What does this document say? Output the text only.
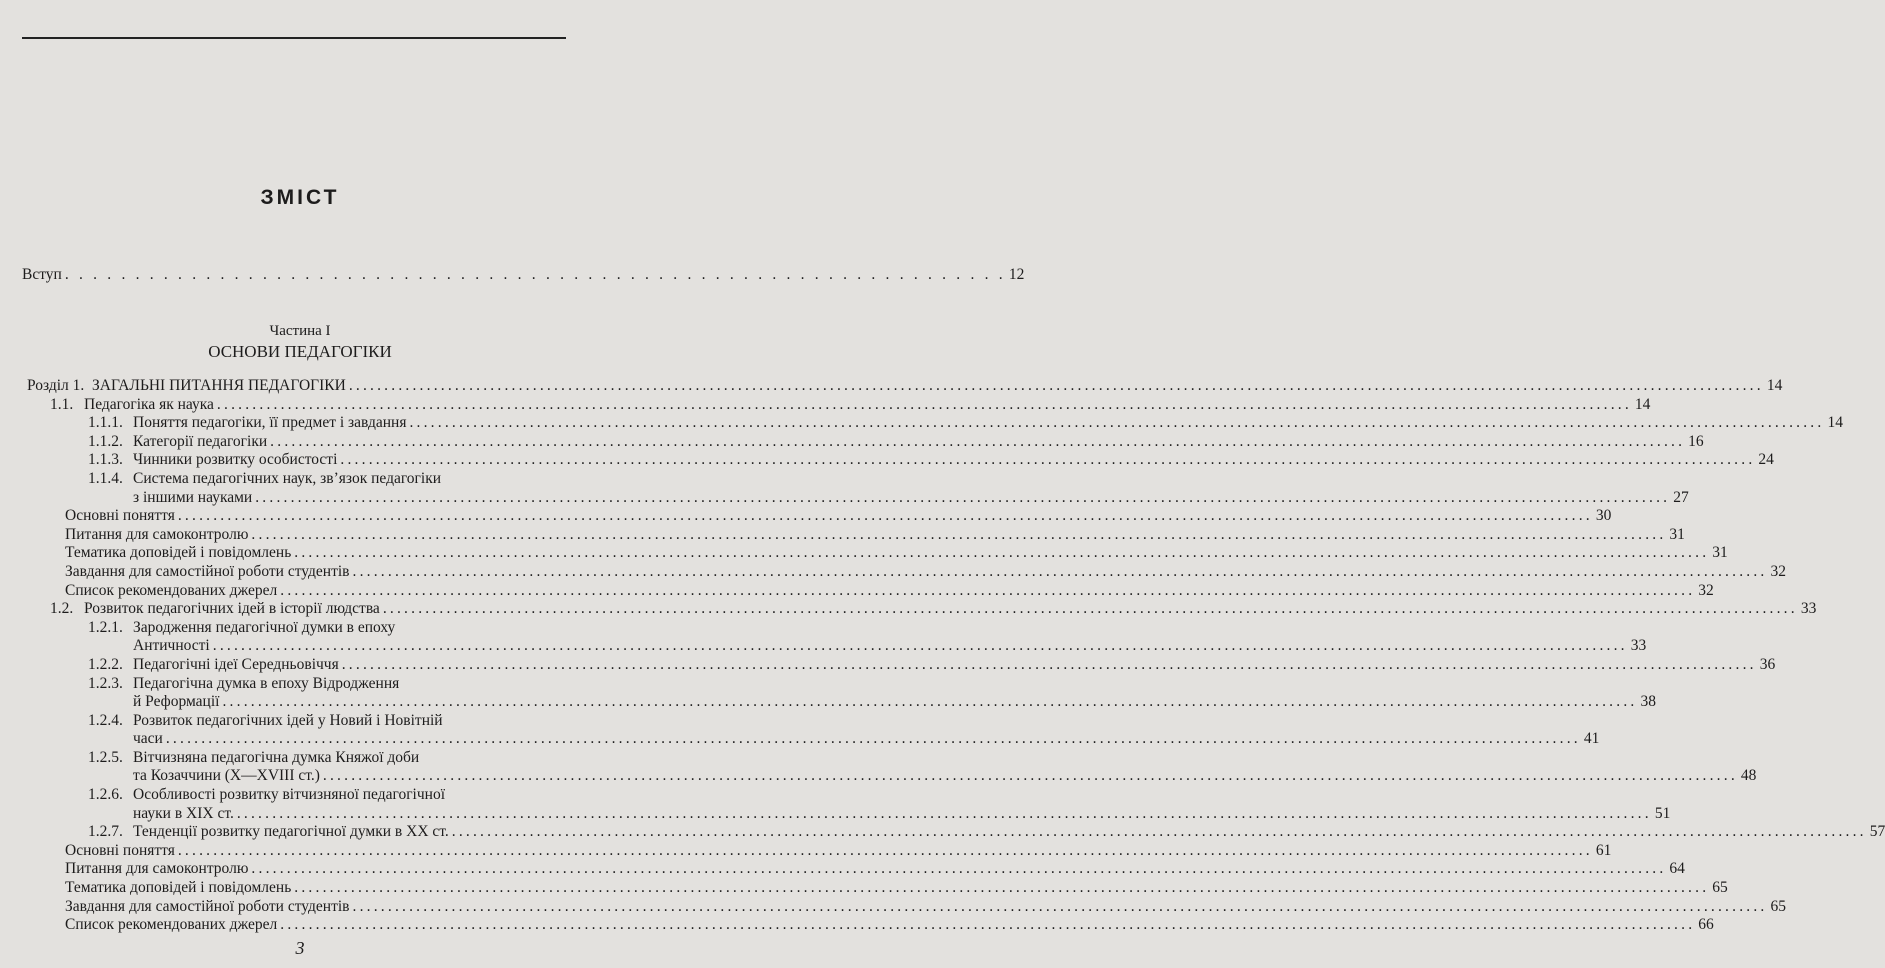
ЗМІСТ
Вступ . . . . . . . . . . . . . . . . . . . . . . . . . . . . . . . . . . . . . . . . . . . . . . . . . . . . . . . . . . . . . . . . . . . 12
Частина I
ОСНОВИ ПЕДАГОГІКИ
Розділ 1. ЗАГАЛЬНІ ПИТАННЯ ПЕДАГОГІКИ ........................................................................................................................................................................................................ 14
1.1. Педагогіка як наука ........................................................................................................................................................................................................ 14
1.1.1. Поняття педагогіки, її предмет і завдання ........................................................................................................................................................................................................ 14
1.1.2. Категорії педагогіки ........................................................................................................................................................................................................ 16
1.1.3. Чинники розвитку особистості ........................................................................................................................................................................................................ 24
1.1.4. Система педагогічних наук, зв’язок педагогіки
з іншими науками ........................................................................................................................................................................................................ 27
Основні поняття ........................................................................................................................................................................................................ 30
Питання для самоконтролю ........................................................................................................................................................................................................ 31
Тематика доповідей і повідомлень ........................................................................................................................................................................................................ 31
Завдання для самостійної роботи студентів ........................................................................................................................................................................................................ 32
Список рекомендованих джерел ........................................................................................................................................................................................................ 32
1.2. Розвиток педагогічних ідей в історії людства ........................................................................................................................................................................................................ 33
1.2.1. Зародження педагогічної думки в епоху
Античності ........................................................................................................................................................................................................ 33
1.2.2. Педагогічні ідеї Середньовіччя ........................................................................................................................................................................................................ 36
1.2.3. Педагогічна думка в епоху Відродження
й Реформації ........................................................................................................................................................................................................ 38
1.2.4. Розвиток педагогічних ідей у Новий і Новітній
часи ........................................................................................................................................................................................................ 41
1.2.5. Вітчизняна педагогічна думка Княжої доби
та Козаччини (X—XVIII ст.) ........................................................................................................................................................................................................ 48
1.2.6. Особливості розвитку вітчизняної педагогічної
науки в XIX ст. ........................................................................................................................................................................................................ 51
1.2.7. Тенденції розвитку педагогічної думки в XX ст. ........................................................................................................................................................................................................ 57
Основні поняття ........................................................................................................................................................................................................ 61
Питання для самоконтролю ........................................................................................................................................................................................................ 64
Тематика доповідей і повідомлень ........................................................................................................................................................................................................ 65
Завдання для самостійної роботи студентів ........................................................................................................................................................................................................ 65
Список рекомендованих джерел ........................................................................................................................................................................................................ 66
3
